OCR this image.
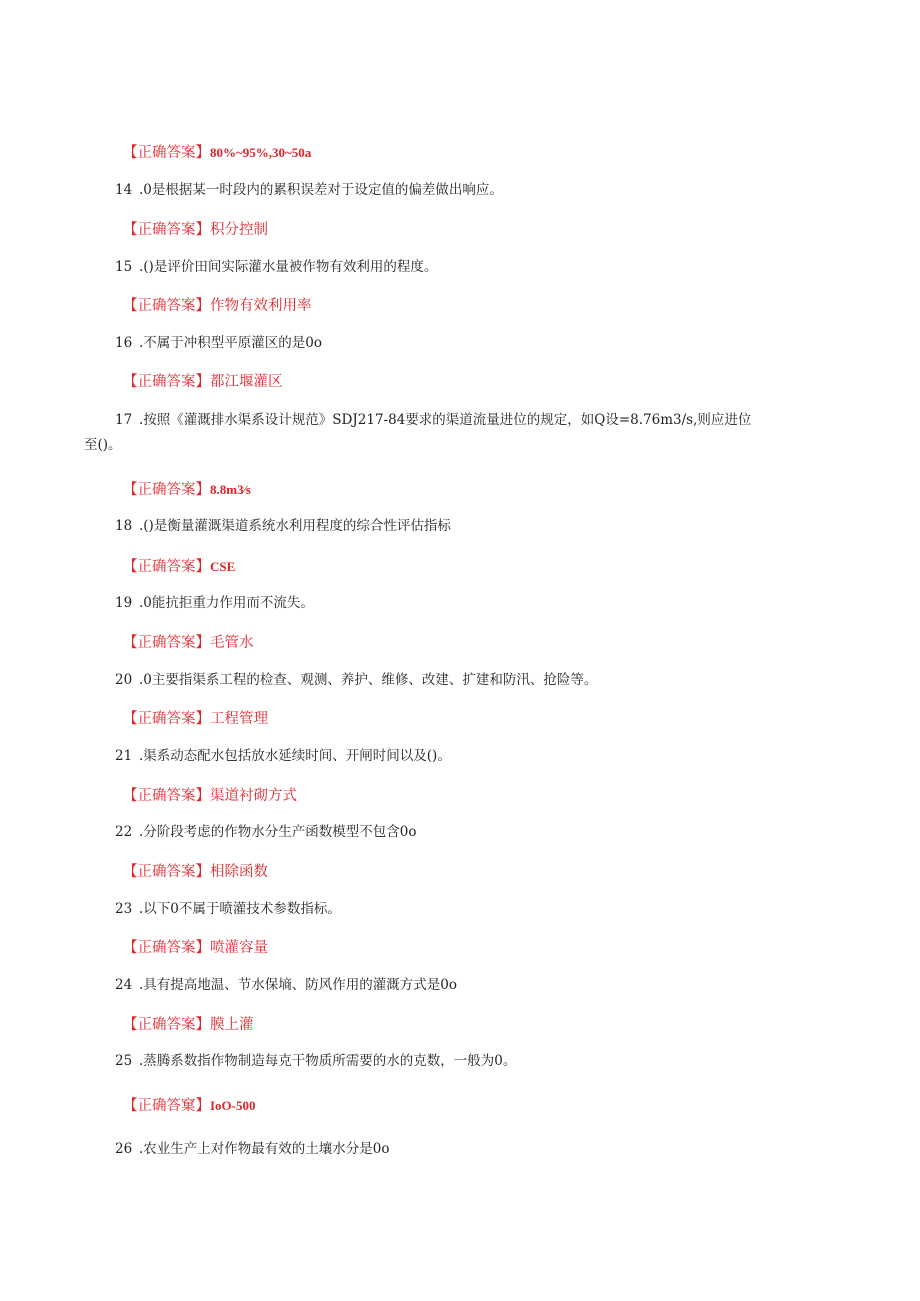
【正确答案】80%~95%,30~50a
14 .0是根据某一时段内的累积误差对于设定值的偏差做出响应。
【正确答案】积分控制
15 .()是评价田间实际灌水量被作物有效利用的程度。
【正确答案】作物有效利用率
16 .不属于冲积型平原灌区的是0o
【正确答案】都江堰灌区
17 .按照《灌溉排水渠系设计规范》SDJ217-84要求的渠道流量进位的规定，如Q设=8.76m3/s,则应进位
至()。
【正确答案】8.8m3⁄s
18 .()是衡量灌溉渠道系统水利用程度的综合性评估指标
【正确答案】CSE
19 .0能抗拒重力作用而不流失。
【正确答案】毛管水
20 .0主要指渠系工程的检查、观测、养护、维修、改建、扩建和防汛、抢险等。
【正确答案】工程管理
21 .渠系动态配水包括放水延续时间、开闸时间以及()。
【正确答案】渠道衬砌方式
22 .分阶段考虑的作物水分生产函数模型不包含0o
【正确答案】相除函数
23 .以下0不属于喷灌技术参数指标。
【正确答案】喷灌容量
24 .具有提高地温、节水保墒、防风作用的灌溉方式是0o
【正确答案】膜上灌
25 .蒸腾系数指作物制造每克干物质所需要的水的克数，一般为0。
【正确答窠】IoO-500
26 .农业生产上对作物最有效的土壤水分是0o
